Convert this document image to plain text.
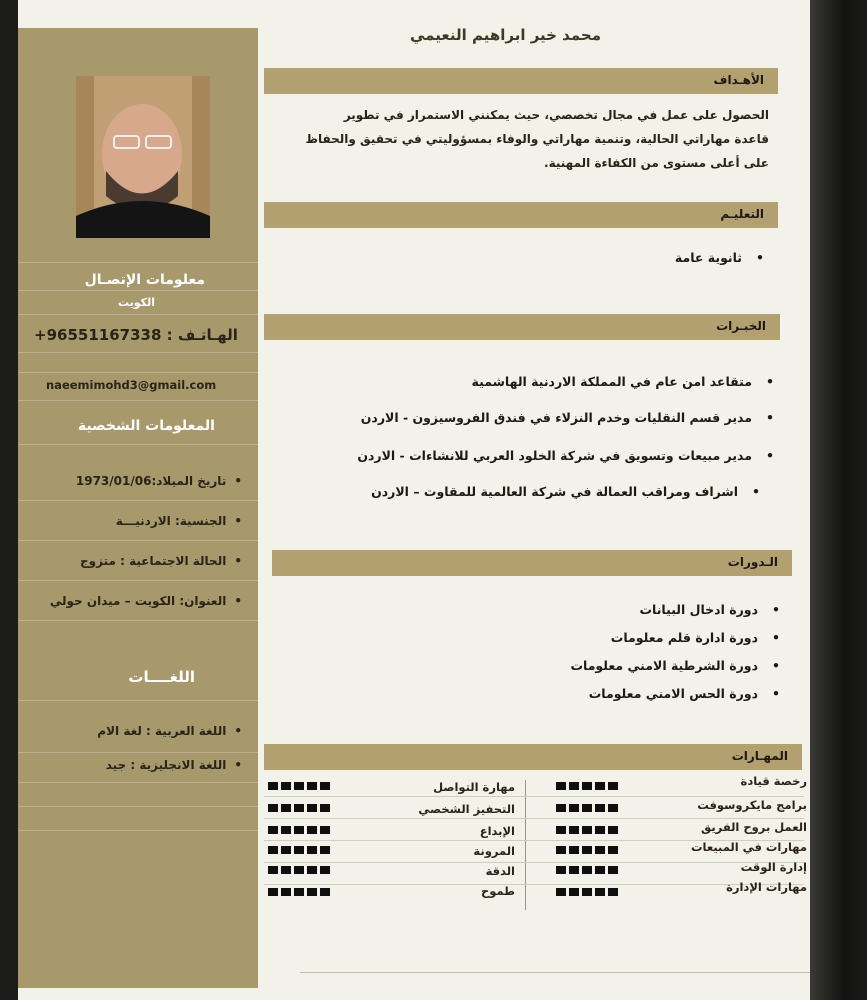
معلومات الإتصـال
الكويت
+96551167338 : الهـاتـف
naeemimohd3@gmail.com
المعلومات الشخصية
• تاريخ الميلاد:1973/01/06
• الجنسية: الاردنيـــة
• الحالة الاجتماعية : متزوج
• العنوان: الكويت – ميدان حولي
اللغــــات
• اللغة العربية : لغة الام
• اللغة الانجليزية : جيد
محمد خير ابراهيم النعيمي
الأهـداف
الحصول على عمل في مجال تخصصي، حيث يمكنني الاستمرار في تطوير
قاعدة مهاراتي الحالية، وتنمية مهاراتي والوفاء بمسؤوليتي في تحقيق والحفاظ
على أعلى مستوى من الكفاءة المهنية.
التعليـم
• ثانوية عامة
الخبـرات
• متقاعد امن عام في المملكة الاردنية الهاشمية
• مدير قسم النقليات وخدم النزلاء في فندق الفروسيزون - الاردن
• مدير مبيعات وتسويق في شركة الخلود العربي للانشاءات - الاردن
• اشراف ومراقب العمالة في شركة العالمية للمقاوت – الاردن
الـدورات
• دورة ادخال البيانات
• دورة ادارة قلم معلومات
• دورة الشرطية الامني معلومات
• دورة الحس الامني معلومات
المهـارات
رخصة قيادة
برامج مايكروسوفت
العمل بروح الفريق
مهارات في المبيعات
إدارة الوقت
مهارات الإدارة
مهارة التواصل
التحفيز الشخصي
الإبداع
المرونة
الدقة
طموح
